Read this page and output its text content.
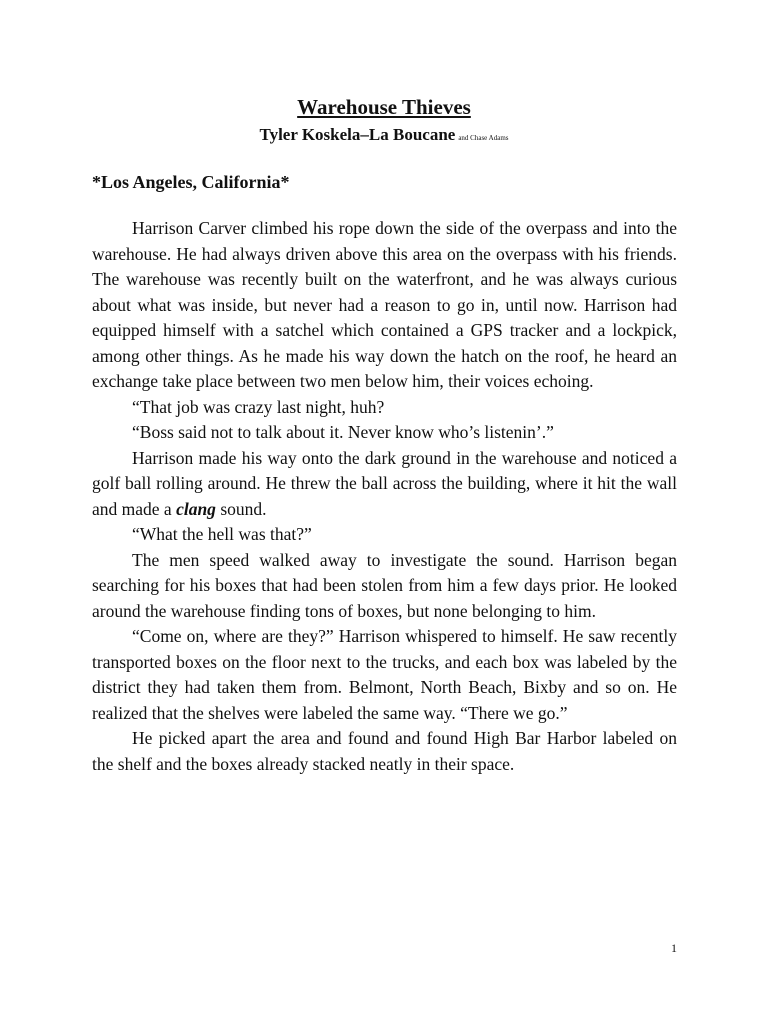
Warehouse Thieves
Tyler Koskela–La Boucane and Chase Adams
*Los Angeles, California*

Harrison Carver climbed his rope down the side of the overpass and into the warehouse. He had always driven above this area on the overpass with his friends. The warehouse was recently built on the waterfront, and he was always curious about what was inside, but never had a reason to go in, until now. Harrison had equipped himself with a satchel which contained a GPS tracker and a lockpick, among other things. As he made his way down the hatch on the roof, he heard an exchange take place between two men below him, their voices echoing.

“That job was crazy last night, huh?

“Boss said not to talk about it. Never know who’s listenin’.”

Harrison made his way onto the dark ground in the warehouse and noticed a golf ball rolling around. He threw the ball across the building, where it hit the wall and made a clang sound.

“What the hell was that?”

The men speed walked away to investigate the sound. Harrison began searching for his boxes that had been stolen from him a few days prior. He looked around the warehouse finding tons of boxes, but none belonging to him.

“Come on, where are they?” Harrison whispered to himself. He saw recently transported boxes on the floor next to the trucks, and each box was labeled by the district they had taken them from. Belmont, North Beach, Bixby and so on. He realized that the shelves were labeled the same way. “There we go.”

He picked apart the area and found and found High Bar Harbor labeled on the shelf and the boxes already stacked neatly in their space.

1
